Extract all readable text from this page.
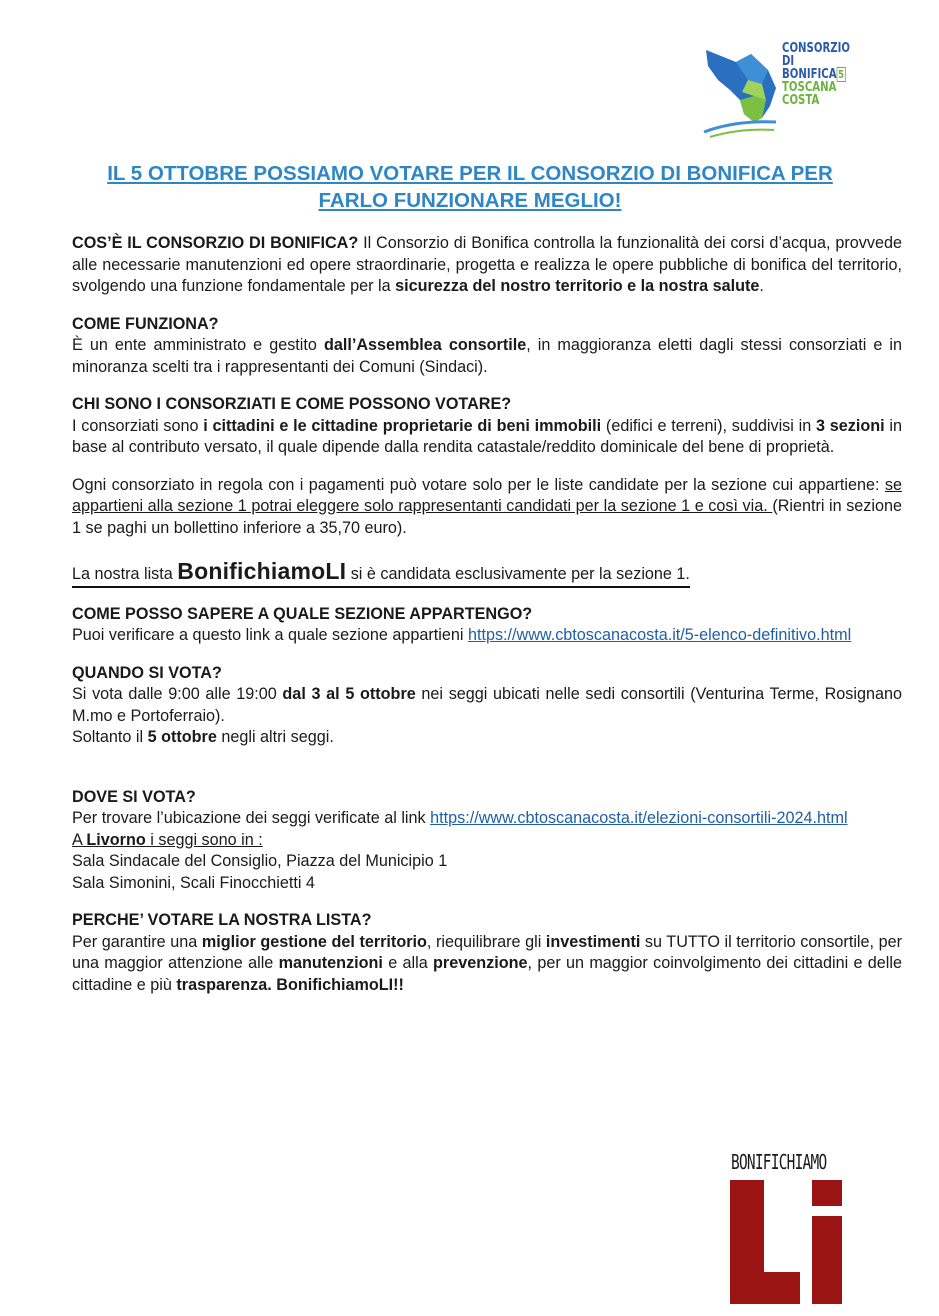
CONSORZIO
DI BONIFICA 5
TOSCANA
COSTA
IL 5 OTTOBRE POSSIAMO VOTARE PER IL CONSORZIO DI BONIFICA PER
FARLO FUNZIONARE MEGLIO!

COS’È IL CONSORZIO DI BONIFICA? Il Consorzio di Bonifica controlla la funzionalità dei corsi d’acqua, provvede alle necessarie manutenzioni ed opere straordinarie, progetta e realizza le opere pubbliche di bonifica del territorio, svolgendo una funzione fondamentale per la sicurezza del nostro territorio e la nostra salute.

COME FUNZIONA?
È un ente amministrato e gestito dall’Assemblea consortile, in maggioranza eletti dagli stessi consorziati e in minoranza scelti tra i rappresentanti dei Comuni (Sindaci).

CHI SONO I CONSORZIATI E COME POSSONO VOTARE?
I consorziati sono i cittadini e le cittadine proprietarie di beni immobili (edifici e terreni), suddivisi in 3 sezioni in base al contributo versato, il quale dipende dalla rendita catastale/reddito dominicale del bene di proprietà.

Ogni consorziato in regola con i pagamenti può votare solo per le liste candidate per la sezione cui appartiene: se appartieni alla sezione 1 potrai eleggere solo rappresentanti candidati per la sezione 1 e così via. (Rientri in sezione 1 se paghi un bollettino inferiore a 35,70 euro).

La nostra lista BonifichiamoLI si è candidata esclusivamente per la sezione 1.

COME POSSO SAPERE A QUALE SEZIONE APPARTENGO?
Puoi verificare a questo link a quale sezione appartieni https://www.cbtoscanacosta.it/5-elenco-definitivo.html

QUANDO SI VOTA?
Si vota dalle 9:00 alle 19:00 dal 3 al 5 ottobre nei seggi ubicati nelle sedi consortili (Venturina Terme, Rosignano M.mo e Portoferraio).
Soltanto il 5 ottobre negli altri seggi.

DOVE SI VOTA?
Per trovare l’ubicazione dei seggi verificate al link https://www.cbtoscanacosta.it/elezioni-consortili-2024.html
A Livorno i seggi sono in :
Sala Sindacale del Consiglio, Piazza del Municipio 1
Sala Simonini, Scali Finocchietti 4

PERCHE’ VOTARE LA NOSTRA LISTA?
Per garantire una miglior gestione del territorio, riequilibrare gli investimenti su TUTTO il territorio consortile, per una maggior attenzione alle manutenzioni e alla prevenzione, per un maggior coinvolgimento dei cittadini e delle cittadine e più trasparenza. BonifichiamoLI!!

BONIFICHIAMO
